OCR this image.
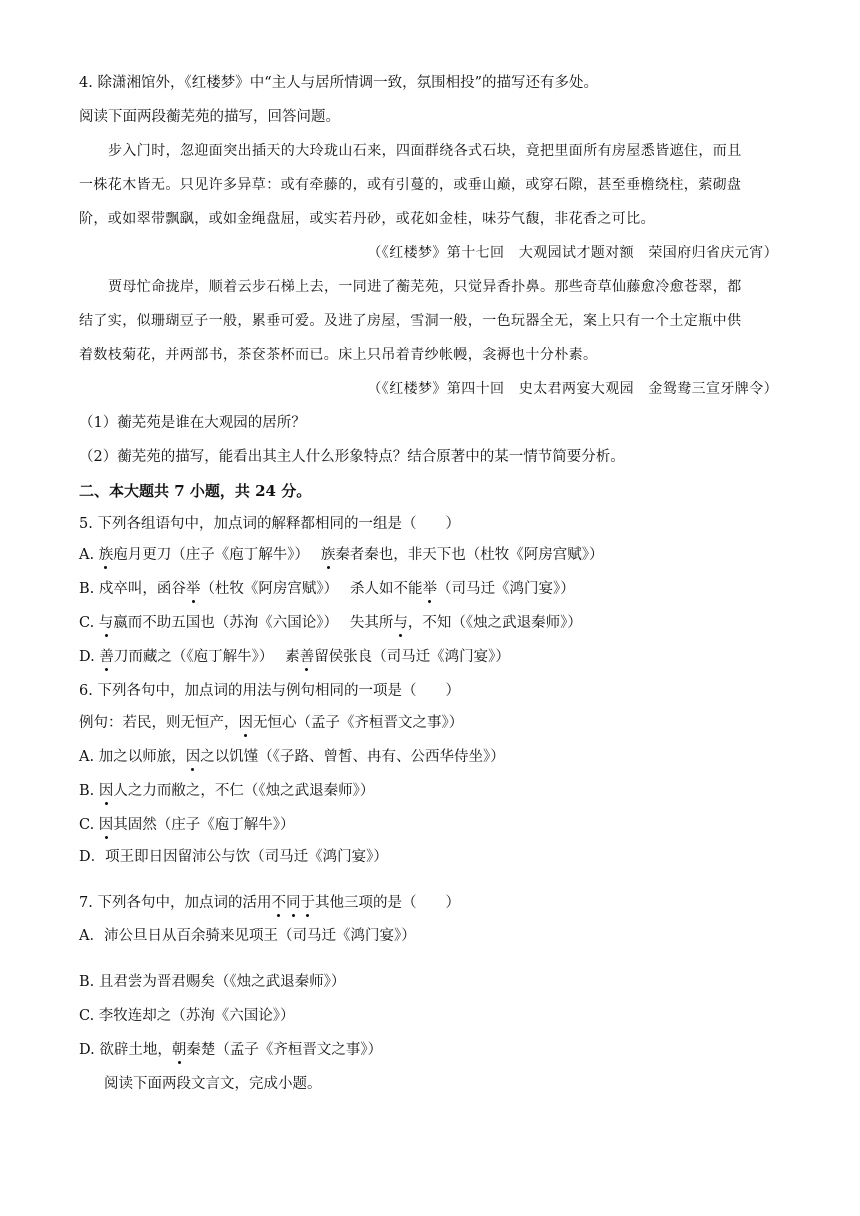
4. 除潇湘馆外，《红楼梦》中“主人与居所情调一致，氛围相投”的描写还有多处。
阅读下面两段蘅芜苑的描写，回答问题。
步入门时，忽迎面突出插天的大玲珑山石来，四面群绕各式石块，竟把里面所有房屋悉皆遮住，而且
一株花木皆无。只见许多异草：或有牵藤的，或有引蔓的，或垂山巅，或穿石隙，甚至垂檐绕柱，萦砌盘
阶，或如翠带飘飖，或如金绳盘屈，或实若丹砂，或花如金桂，味芬气馥，非花香之可比。
（《红楼梦》第十七回　大观园试才题对额　荣国府归省庆元宵）
贾母忙命拢岸，顺着云步石梯上去，一同进了蘅芜苑，只觉异香扑鼻。那些奇草仙藤愈冷愈苍翠，都
结了实，似珊瑚豆子一般，累垂可爱。及进了房屋，雪洞一般，一色玩器全无，案上只有一个土定瓶中供
着数枝菊花，并两部书，茶奁茶杯而已。床上只吊着青纱帐幔，衾褥也十分朴素。
（《红楼梦》第四十回　史太君两宴大观园　金鸳鸯三宣牙牌令）
（1）蘅芜苑是谁在大观园的居所？
（2）蘅芜苑的描写，能看出其主人什么形象特点？结合原著中的某一情节简要分析。
二、本大题共 7 小题，共 24 分。
5. 下列各组语句中，加点词的解释都相同的一组是（　　）
A. 族庖月更刀（庄子《庖丁解牛》）　 族秦者秦也，非天下也（杜牧《阿房宫赋》）
B. 戍卒叫，函谷举（杜牧《阿房宫赋》）　 杀人如不能举（司马迁《鸿门宴》）
C. 与嬴而不助五国也（苏洵《六国论》）　 失其所与，不知（《烛之武退秦师》）
D. 善刀而藏之（《庖丁解牛》）　 素善留侯张良（司马迁《鸿门宴》）
6. 下列各句中，加点词的用法与例句相同的一项是（　　）
例句：若民，则无恒产，因无恒心（孟子《齐桓晋文之事》）
A. 加之以师旅，因之以饥馑（《子路、曾皙、冉有、公西华侍坐》）
B. 因人之力而敝之，不仁（《烛之武退秦师》）
C. 因其固然（庄子《庖丁解牛》）
D．项王即日因留沛公与饮（司马迁《鸿门宴》）
7. 下列各句中，加点词的活用不同于其他三项的是（　　）
A．沛公旦日从百余骑来见项王（司马迁《鸿门宴》）
B. 且君尝为晋君赐矣（《烛之武退秦师》）
C. 李牧连却之（苏洵《六国论》）
D. 欲辟土地，朝秦楚（孟子《齐桓晋文之事》）
阅读下面两段文言文，完成小题。
